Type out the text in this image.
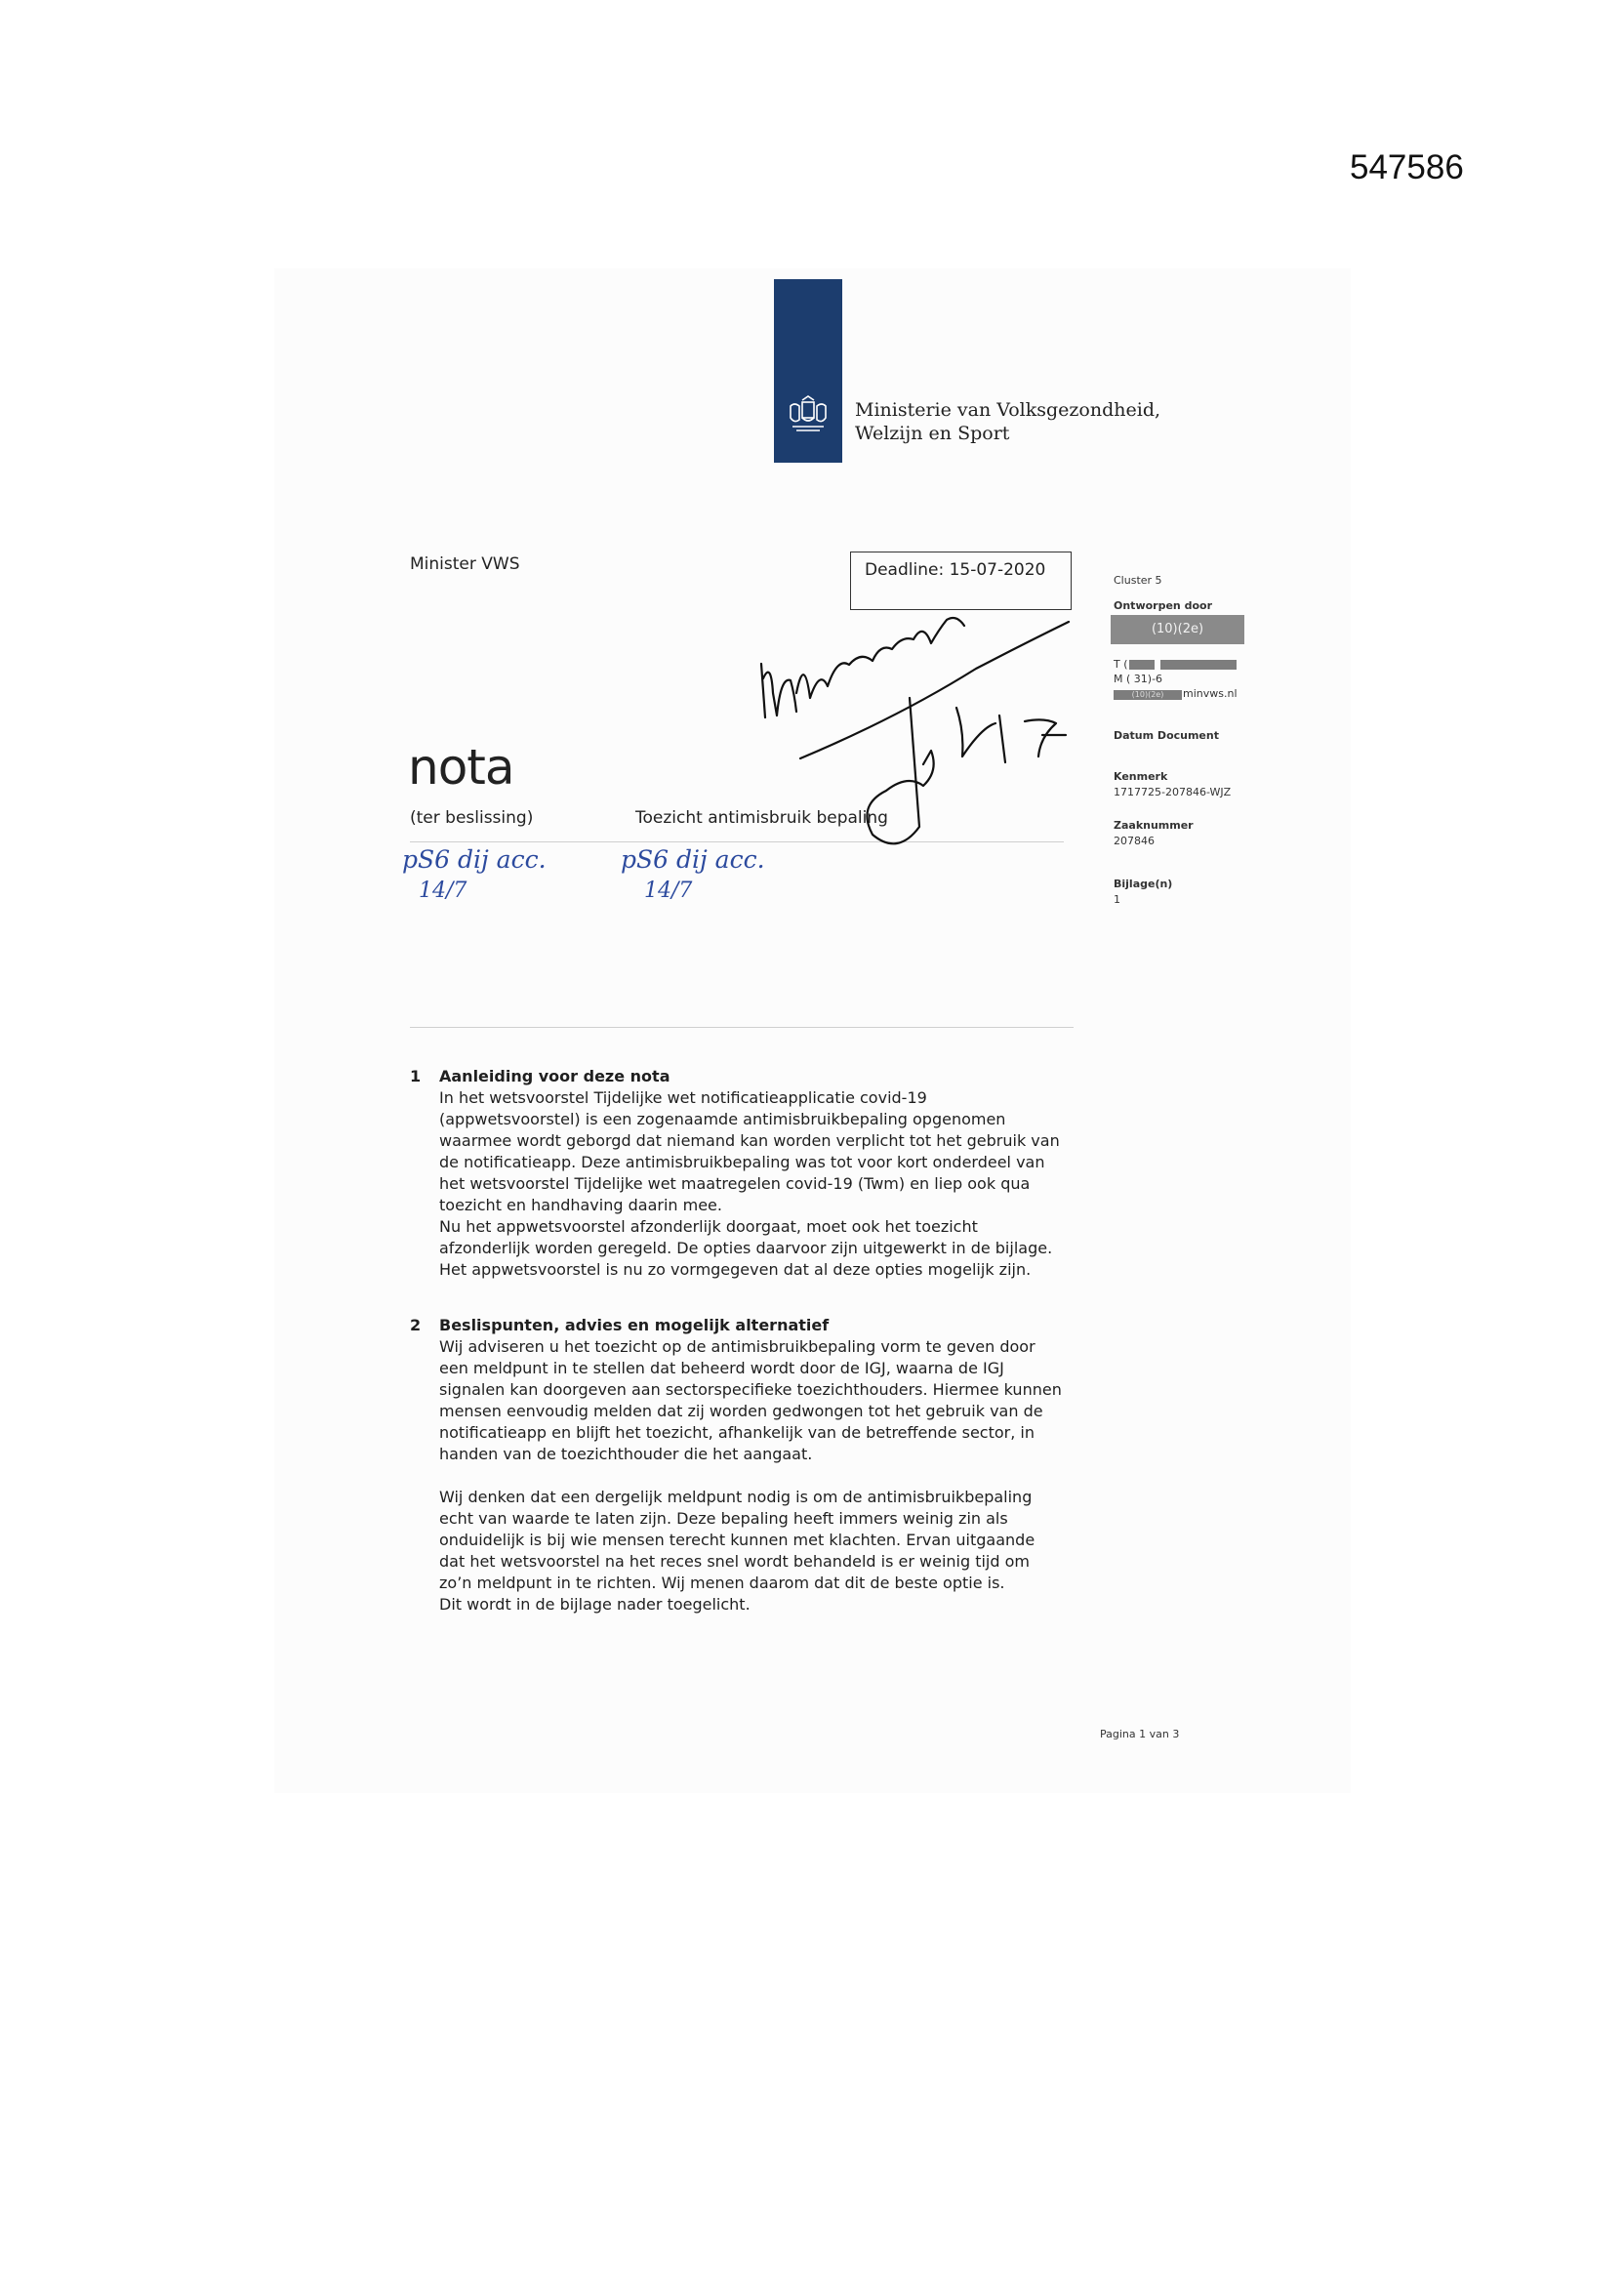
547586
Ministerie van Volksgezondheid,
Welzijn en Sport
Minister VWS	Deadline: 15-07-2020
Cluster 5
Ontworpen door
(10)(2e)
T (
M ( 31)-6
(10)(2e)	minvws.nl
Datum Document
Kenmerk
1717725-207846-WJZ
Zaaknummer
207846
Bijlage(n)
1
nota
(ter beslissing)	Toezicht antimisbruik bepaling
pS6 dij acc.
14/7
pS6 dij acc.
14/7
1 Aanleiding voor deze nota
In het wetsvoorstel Tijdelijke wet notificatieapplicatie covid-19
(appwetsvoorstel) is een zogenaamde antimisbruikbepaling opgenomen
waarmee wordt geborgd dat niemand kan worden verplicht tot het gebruik van
de notificatieapp. Deze antimisbruikbepaling was tot voor kort onderdeel van
het wetsvoorstel Tijdelijke wet maatregelen covid-19 (Twm) en liep ook qua
toezicht en handhaving daarin mee.
Nu het appwetsvoorstel afzonderlijk doorgaat, moet ook het toezicht
afzonderlijk worden geregeld. De opties daarvoor zijn uitgewerkt in de bijlage.
Het appwetsvoorstel is nu zo vormgegeven dat al deze opties mogelijk zijn.
2 Beslispunten, advies en mogelijk alternatief
Wij adviseren u het toezicht op de antimisbruikbepaling vorm te geven door
een meldpunt in te stellen dat beheerd wordt door de IGJ, waarna de IGJ
signalen kan doorgeven aan sectorspecifieke toezichthouders. Hiermee kunnen
mensen eenvoudig melden dat zij worden gedwongen tot het gebruik van de
notificatieapp en blijft het toezicht, afhankelijk van de betreffende sector, in
handen van de toezichthouder die het aangaat.
Wij denken dat een dergelijk meldpunt nodig is om de antimisbruikbepaling
echt van waarde te laten zijn. Deze bepaling heeft immers weinig zin als
onduidelijk is bij wie mensen terecht kunnen met klachten. Ervan uitgaande
dat het wetsvoorstel na het reces snel wordt behandeld is er weinig tijd om
zo’n meldpunt in te richten. Wij menen daarom dat dit de beste optie is.
Dit wordt in de bijlage nader toegelicht.
Pagina 1 van 3
